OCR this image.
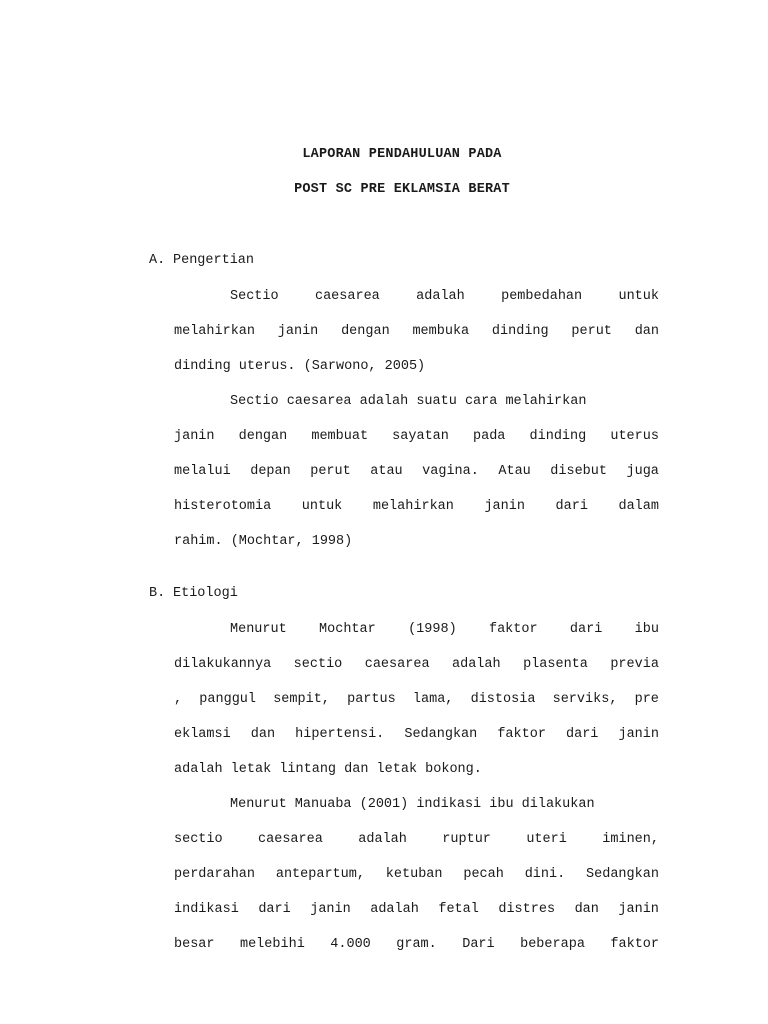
LAPORAN PENDAHULUAN PADA
POST SC PRE EKLAMSIA BERAT
A. Pengertian
Sectio	caesarea	adalah	pembedahan	untuk
melahirkan janin dengan membuka dinding perut dan
dinding uterus. (Sarwono, 2005)
Sectio caesarea adalah suatu cara melahirkan
janin dengan membuat sayatan pada dinding uterus
melalui depan perut atau vagina. Atau disebut juga
histerotomia untuk melahirkan janin dari dalam
rahim. (Mochtar, 1998)
B. Etiologi
Menurut Mochtar (1998) faktor dari ibu
dilakukannya sectio caesarea adalah plasenta previa
, panggul sempit, partus lama, distosia serviks, pre
eklamsi dan hipertensi. Sedangkan faktor dari janin
adalah letak lintang dan letak bokong.
Menurut Manuaba (2001) indikasi ibu dilakukan
sectio	caesarea	adalah	ruptur	uteri	iminen,
perdarahan antepartum, ketuban pecah dini. Sedangkan
indikasi dari janin adalah fetal distres dan janin
besar melebihi 4.000 gram. Dari beberapa faktor
